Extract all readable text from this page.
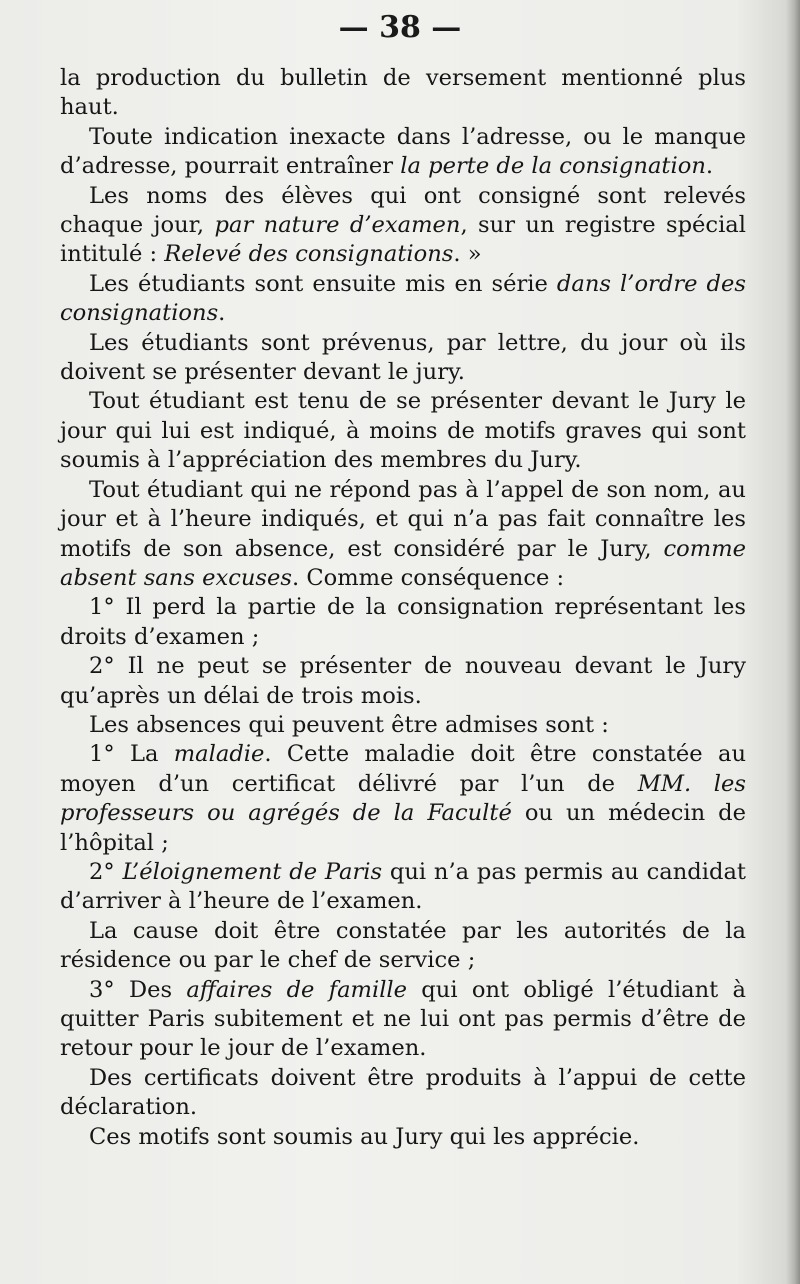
— 38 —

la production du bulletin de versement mentionné plus haut.

Toute indication inexacte dans l’adresse, ou le manque d’adresse, pourrait entraîner la perte de la consignation.

Les noms des élèves qui ont consigné sont relevés chaque jour, par nature d’examen, sur un registre spécial intitulé : Relevé des consignations. »

Les étudiants sont ensuite mis en série dans l’ordre des consignations.

Les étudiants sont prévenus, par lettre, du jour où ils doivent se présenter devant le jury.

Tout étudiant est tenu de se présenter devant le Jury le jour qui lui est indiqué, à moins de motifs graves qui sont soumis à l’appréciation des membres du Jury.

Tout étudiant qui ne répond pas à l’appel de son nom, au jour et à l’heure indiqués, et qui n’a pas fait connaître les motifs de son absence, est considéré par le Jury, comme absent sans excuses. Comme conséquence :

1° Il perd la partie de la consignation représentant les droits d’examen ;

2° Il ne peut se présenter de nouveau devant le Jury qu’après un délai de trois mois.

Les absences qui peuvent être admises sont :

1° La maladie. Cette maladie doit être constatée au moyen d’un certificat délivré par l’un de MM. les professeurs ou agrégés de la Faculté ou un médecin de l’hôpital ;

2° L’éloignement de Paris qui n’a pas permis au candidat d’arriver à l’heure de l’examen.

La cause doit être constatée par les autorités de la résidence ou par le chef de service ;

3° Des affaires de famille qui ont obligé l’étudiant à quitter Paris subitement et ne lui ont pas permis d’être de retour pour le jour de l’examen.

Des certificats doivent être produits à l’appui de cette déclaration.

Ces motifs sont soumis au Jury qui les apprécie.
